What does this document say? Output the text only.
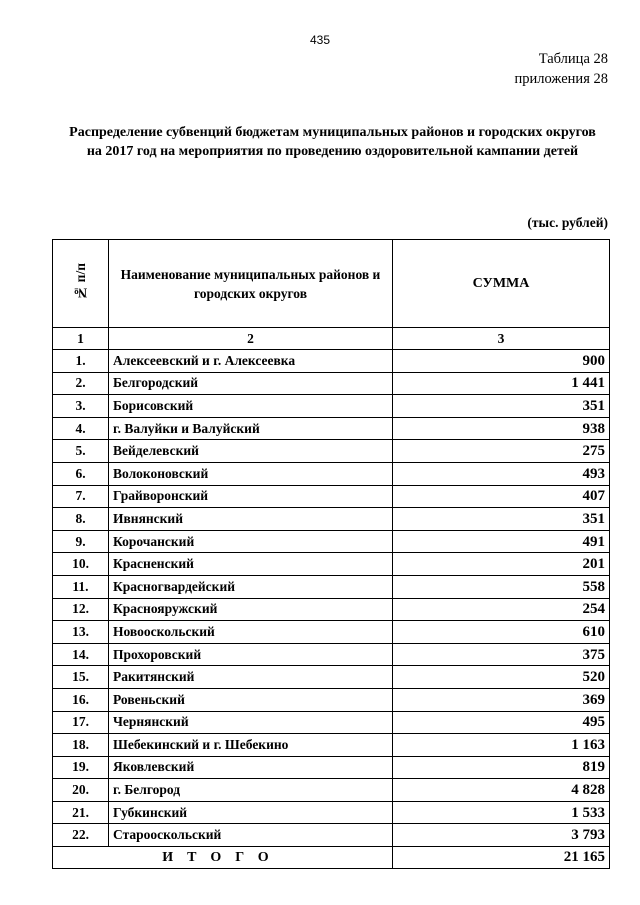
435
Таблица 28
приложения 28
Распределение субвенций бюджетам муниципальных районов и городских округов на 2017 год на мероприятия по проведению оздоровительной кампании детей
(тыс. рублей)
№ п/п	Наименование муниципальных районов и городских округов	СУММА
1	2	3
1.	Алексеевский и г. Алексеевка	900
2.	Белгородский	1 441
3.	Борисовский	351
4.	г. Валуйки и Валуйский	938
5.	Вейделевский	275
6.	Волоконовский	493
7.	Грайворонский	407
8.	Ивнянский	351
9.	Корочанский	491
10.	Красненский	201
11.	Красногвардейский	558
12.	Краснояружский	254
13.	Новооскольский	610
14.	Прохоровский	375
15.	Ракитянский	520
16.	Ровеньский	369
17.	Чернянский	495
18.	Шебекинский и г. Шебекино	1 163
19.	Яковлевский	819
20.	г. Белгород	4 828
21.	Губкинский	1 533
22.	Старооскольский	3 793
ИТОГО		21 165
